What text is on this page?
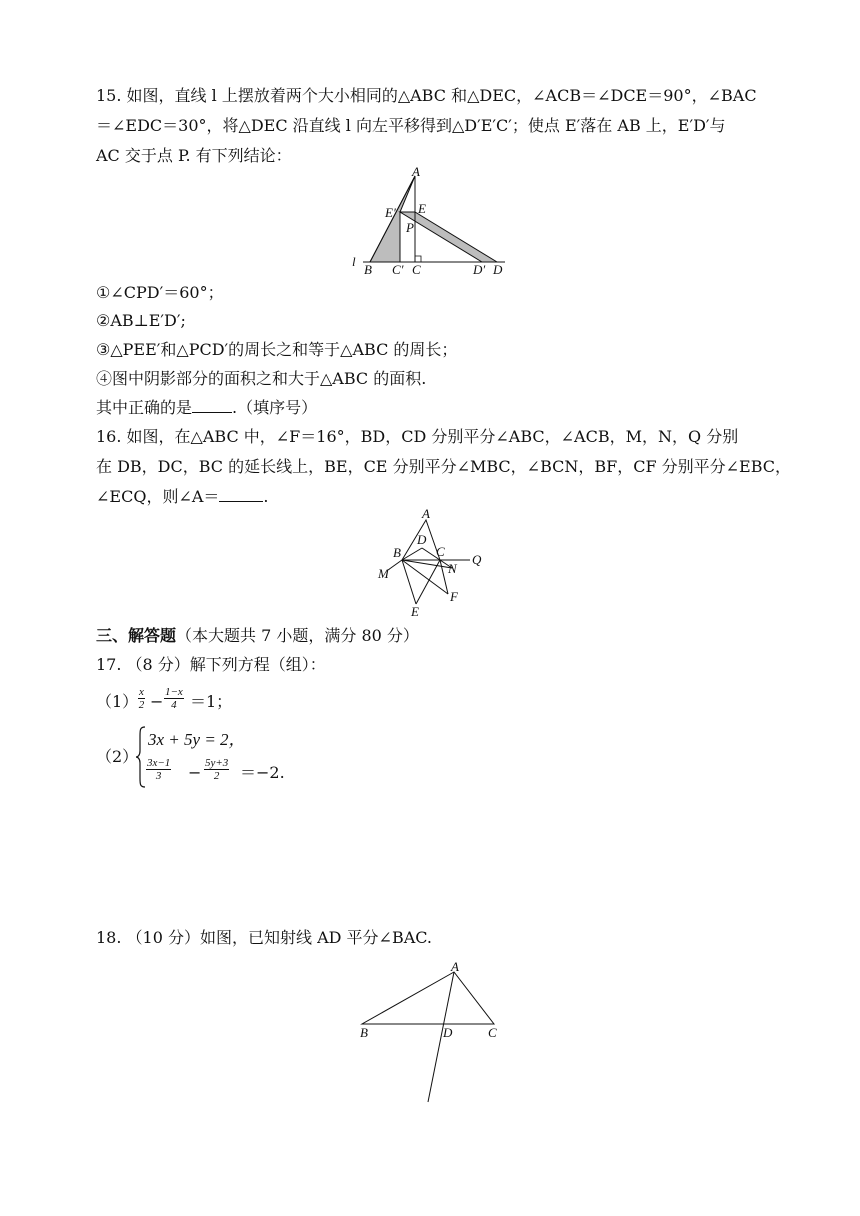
15. 如图，直线 l 上摆放着两个大小相同的△ABC 和△DEC，∠ACB＝∠DCE＝90°，∠BAC
＝∠EDC＝30°，将△DEC 沿直线 l 向左平移得到△D′E′C′；使点 E′落在 AB 上，E′D′与
AC 交于点 P. 有下列结论：
A
E′ E
P
l
B C′ C	D′ D
①∠CPD′＝60°；
②AB⊥E′D′;
③△PEE′和△PCD′的周长之和等于△ABC 的周长；
④图中阴影部分的面积之和大于△ABC 的面积.
其中正确的是	.（填序号）
16. 如图，在△ABC 中，∠F＝16°，BD，CD 分别平分∠ABC，∠ACB，M，N，Q 分别
在 DB，DC，BC 的延长线上，BE，CE 分别平分∠MBC，∠BCN，BF，CF 分别平分∠EBC，
∠ECQ，则∠A＝	.
A
B
D
C
Q
M	N
E
F
三、解答题（本大题共 7 小题，满分 80 分）
17. （8 分）解下列方程（组）：
$(1) \frac{x}{2} - \frac{1-x}{4} =1$；
（2）
3x + 5y = 2，
$\frac{3x-1}{3} - \frac{5y+3}{2} =-2$.
18. （10 分）如图，已知射线 AD 平分∠BAC.
A
B	D	C
